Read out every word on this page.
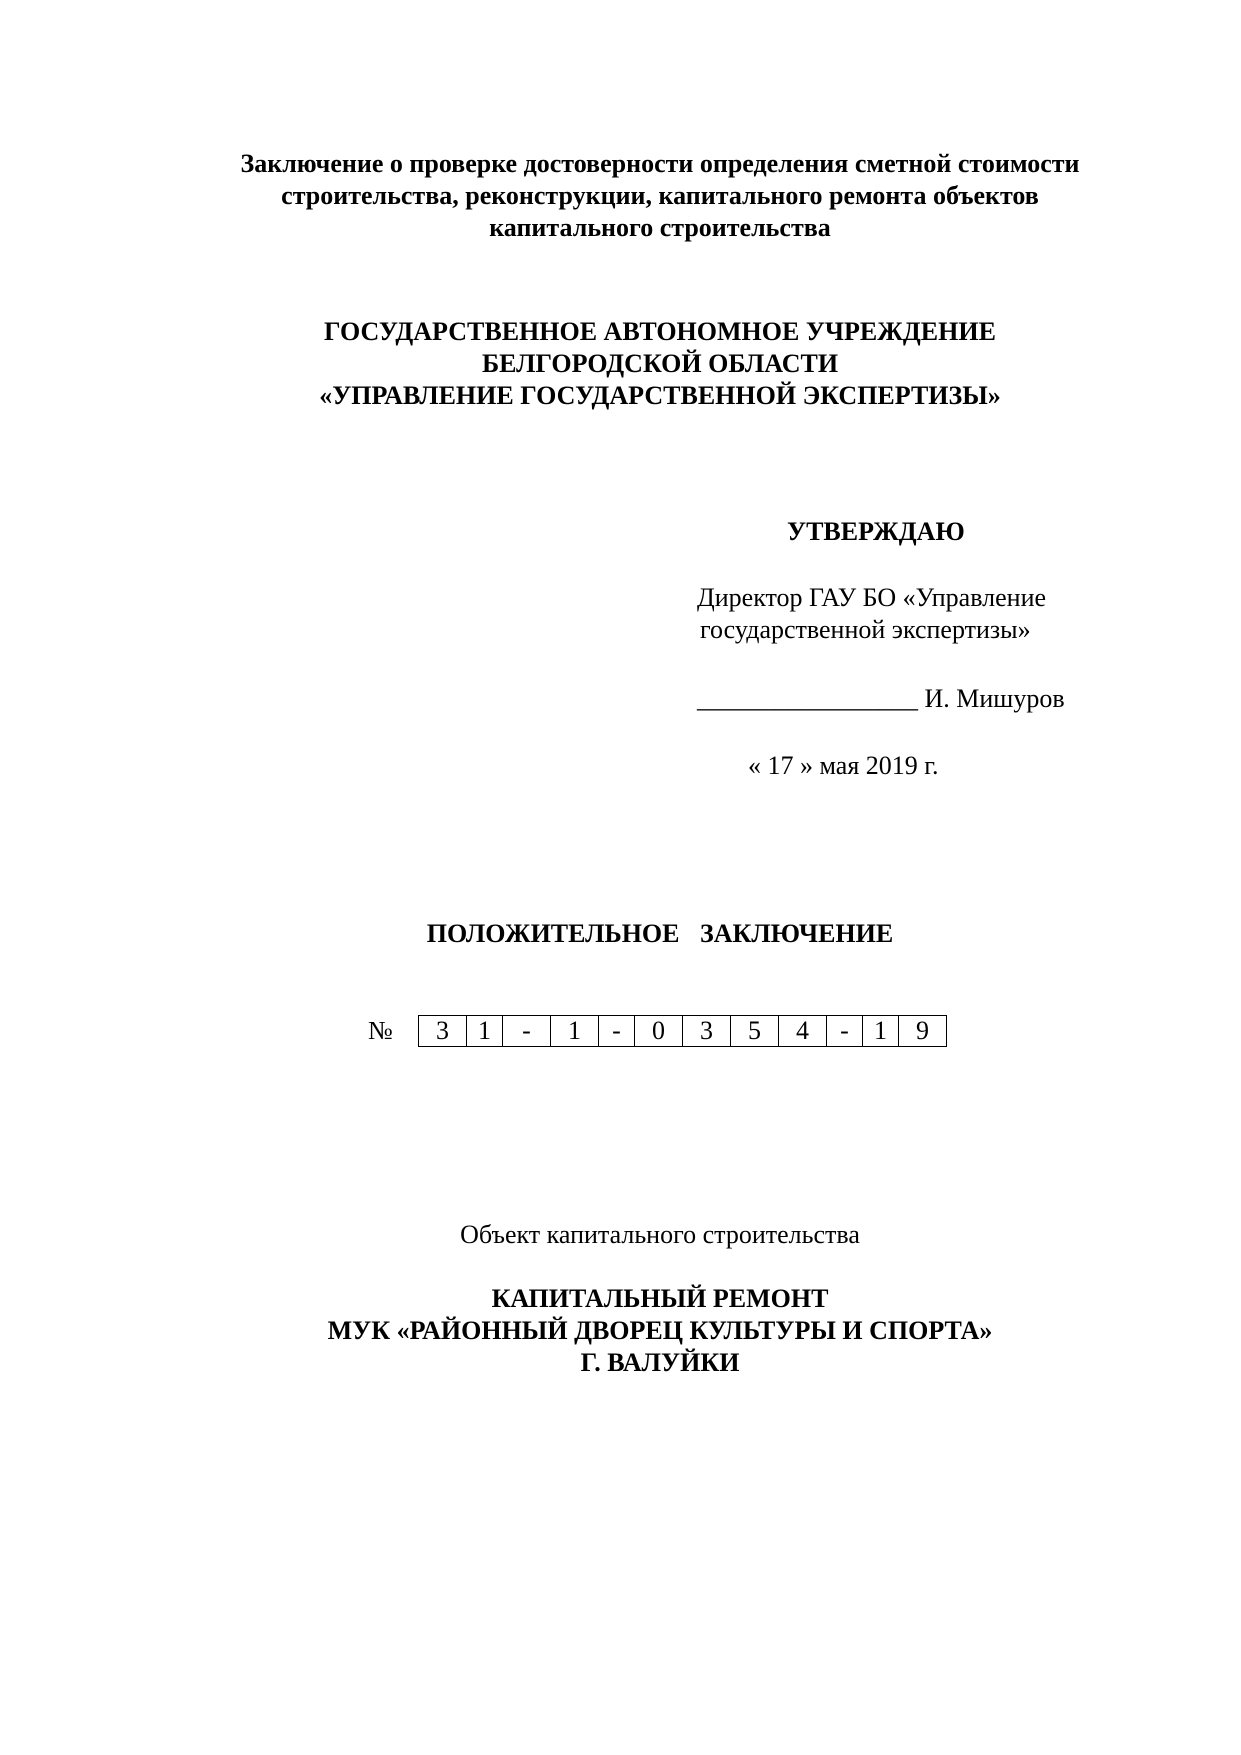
Заключение о проверке достоверности определения сметной стоимости
строительства, реконструкции, капитального ремонта объектов
капитального строительства
ГОСУДАРСТВЕННОЕ АВТОНОМНОЕ УЧРЕЖДЕНИЕ
БЕЛГОРОДСКОЙ ОБЛАСТИ
«УПРАВЛЕНИЕ ГОСУДАРСТВЕННОЙ ЭКСПЕРТИЗЫ»
УТВЕРЖДАЮ
Директор ГАУ БО «Управление
государственной экспертизы»
_________________ И. Мишуров
« 17 » мая 2019 г.
ПОЛОЖИТЕЛЬНОЕ ЗАКЛЮЧЕНИЕ
№	3	1	-	1	-	0	3	5	4	- 1	9
Объект капитального строительства
КАПИТАЛЬНЫЙ РЕМОНТ
МУК «РАЙОННЫЙ ДВОРЕЦ КУЛЬТУРЫ И СПОРТА»
Г. ВАЛУЙКИ
